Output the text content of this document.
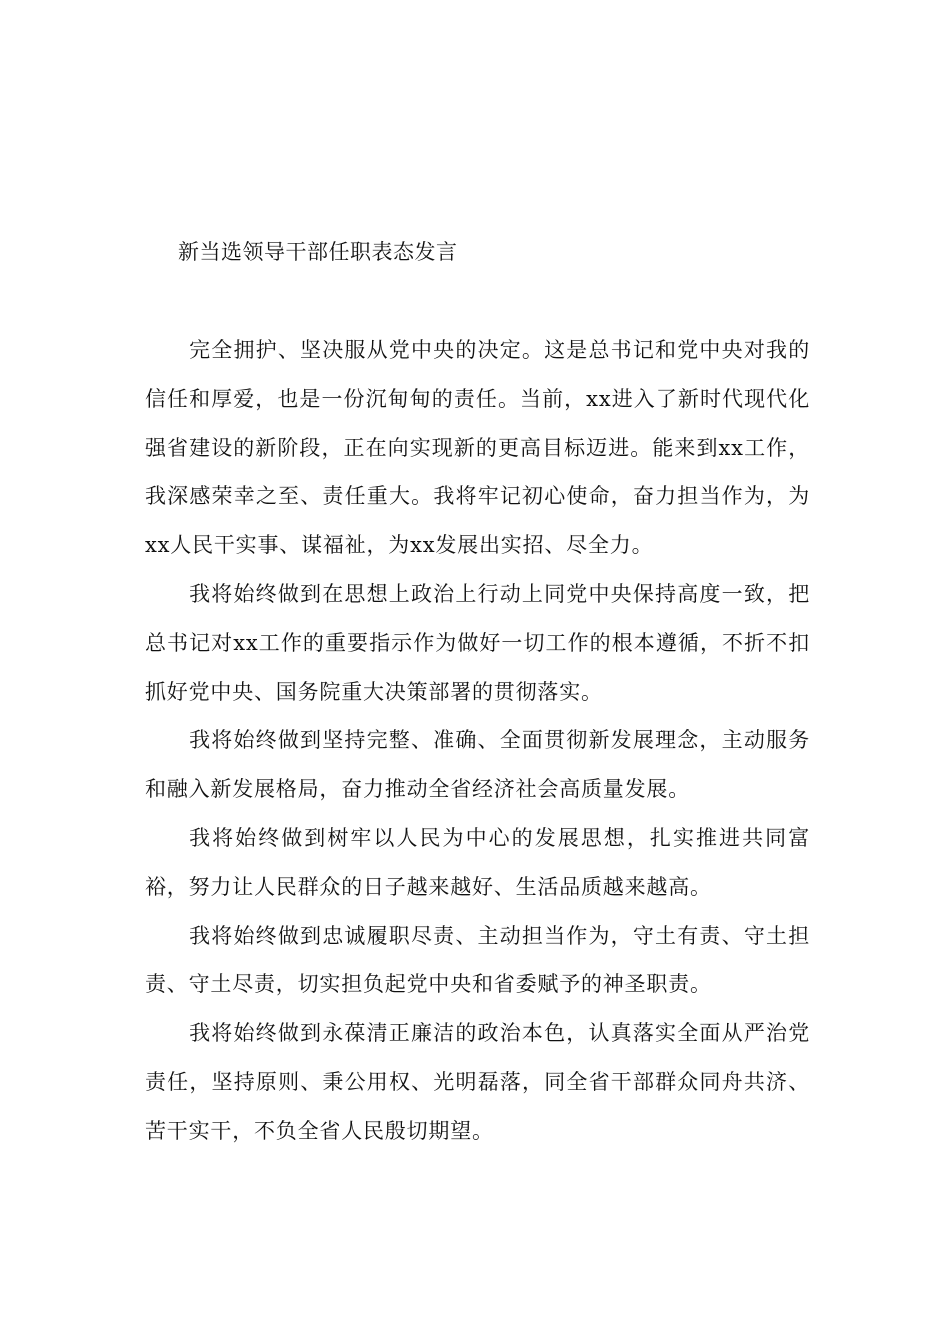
新当选领导干部任职表态发言

完全拥护、坚决服从党中央的决定。这是总书记和党中央对我的信任和厚爱，也是一份沉甸甸的责任。当前，xx进入了新时代现代化强省建设的新阶段，正在向实现新的更高目标迈进。能来到xx工作，我深感荣幸之至、责任重大。我将牢记初心使命，奋力担当作为，为xx人民干实事、谋福祉，为xx发展出实招、尽全力。

我将始终做到在思想上政治上行动上同党中央保持高度一致，把总书记对xx工作的重要指示作为做好一切工作的根本遵循，不折不扣抓好党中央、国务院重大决策部署的贯彻落实。

我将始终做到坚持完整、准确、全面贯彻新发展理念，主动服务和融入新发展格局，奋力推动全省经济社会高质量发展。

我将始终做到树牢以人民为中心的发展思想，扎实推进共同富裕，努力让人民群众的日子越来越好、生活品质越来越高。

我将始终做到忠诚履职尽责、主动担当作为，守土有责、守土担责、守土尽责，切实担负起党中央和省委赋予的神圣职责。

我将始终做到永葆清正廉洁的政治本色，认真落实全面从严治党责任，坚持原则、秉公用权、光明磊落，同全省干部群众同舟共济、苦干实干，不负全省人民殷切期望。
